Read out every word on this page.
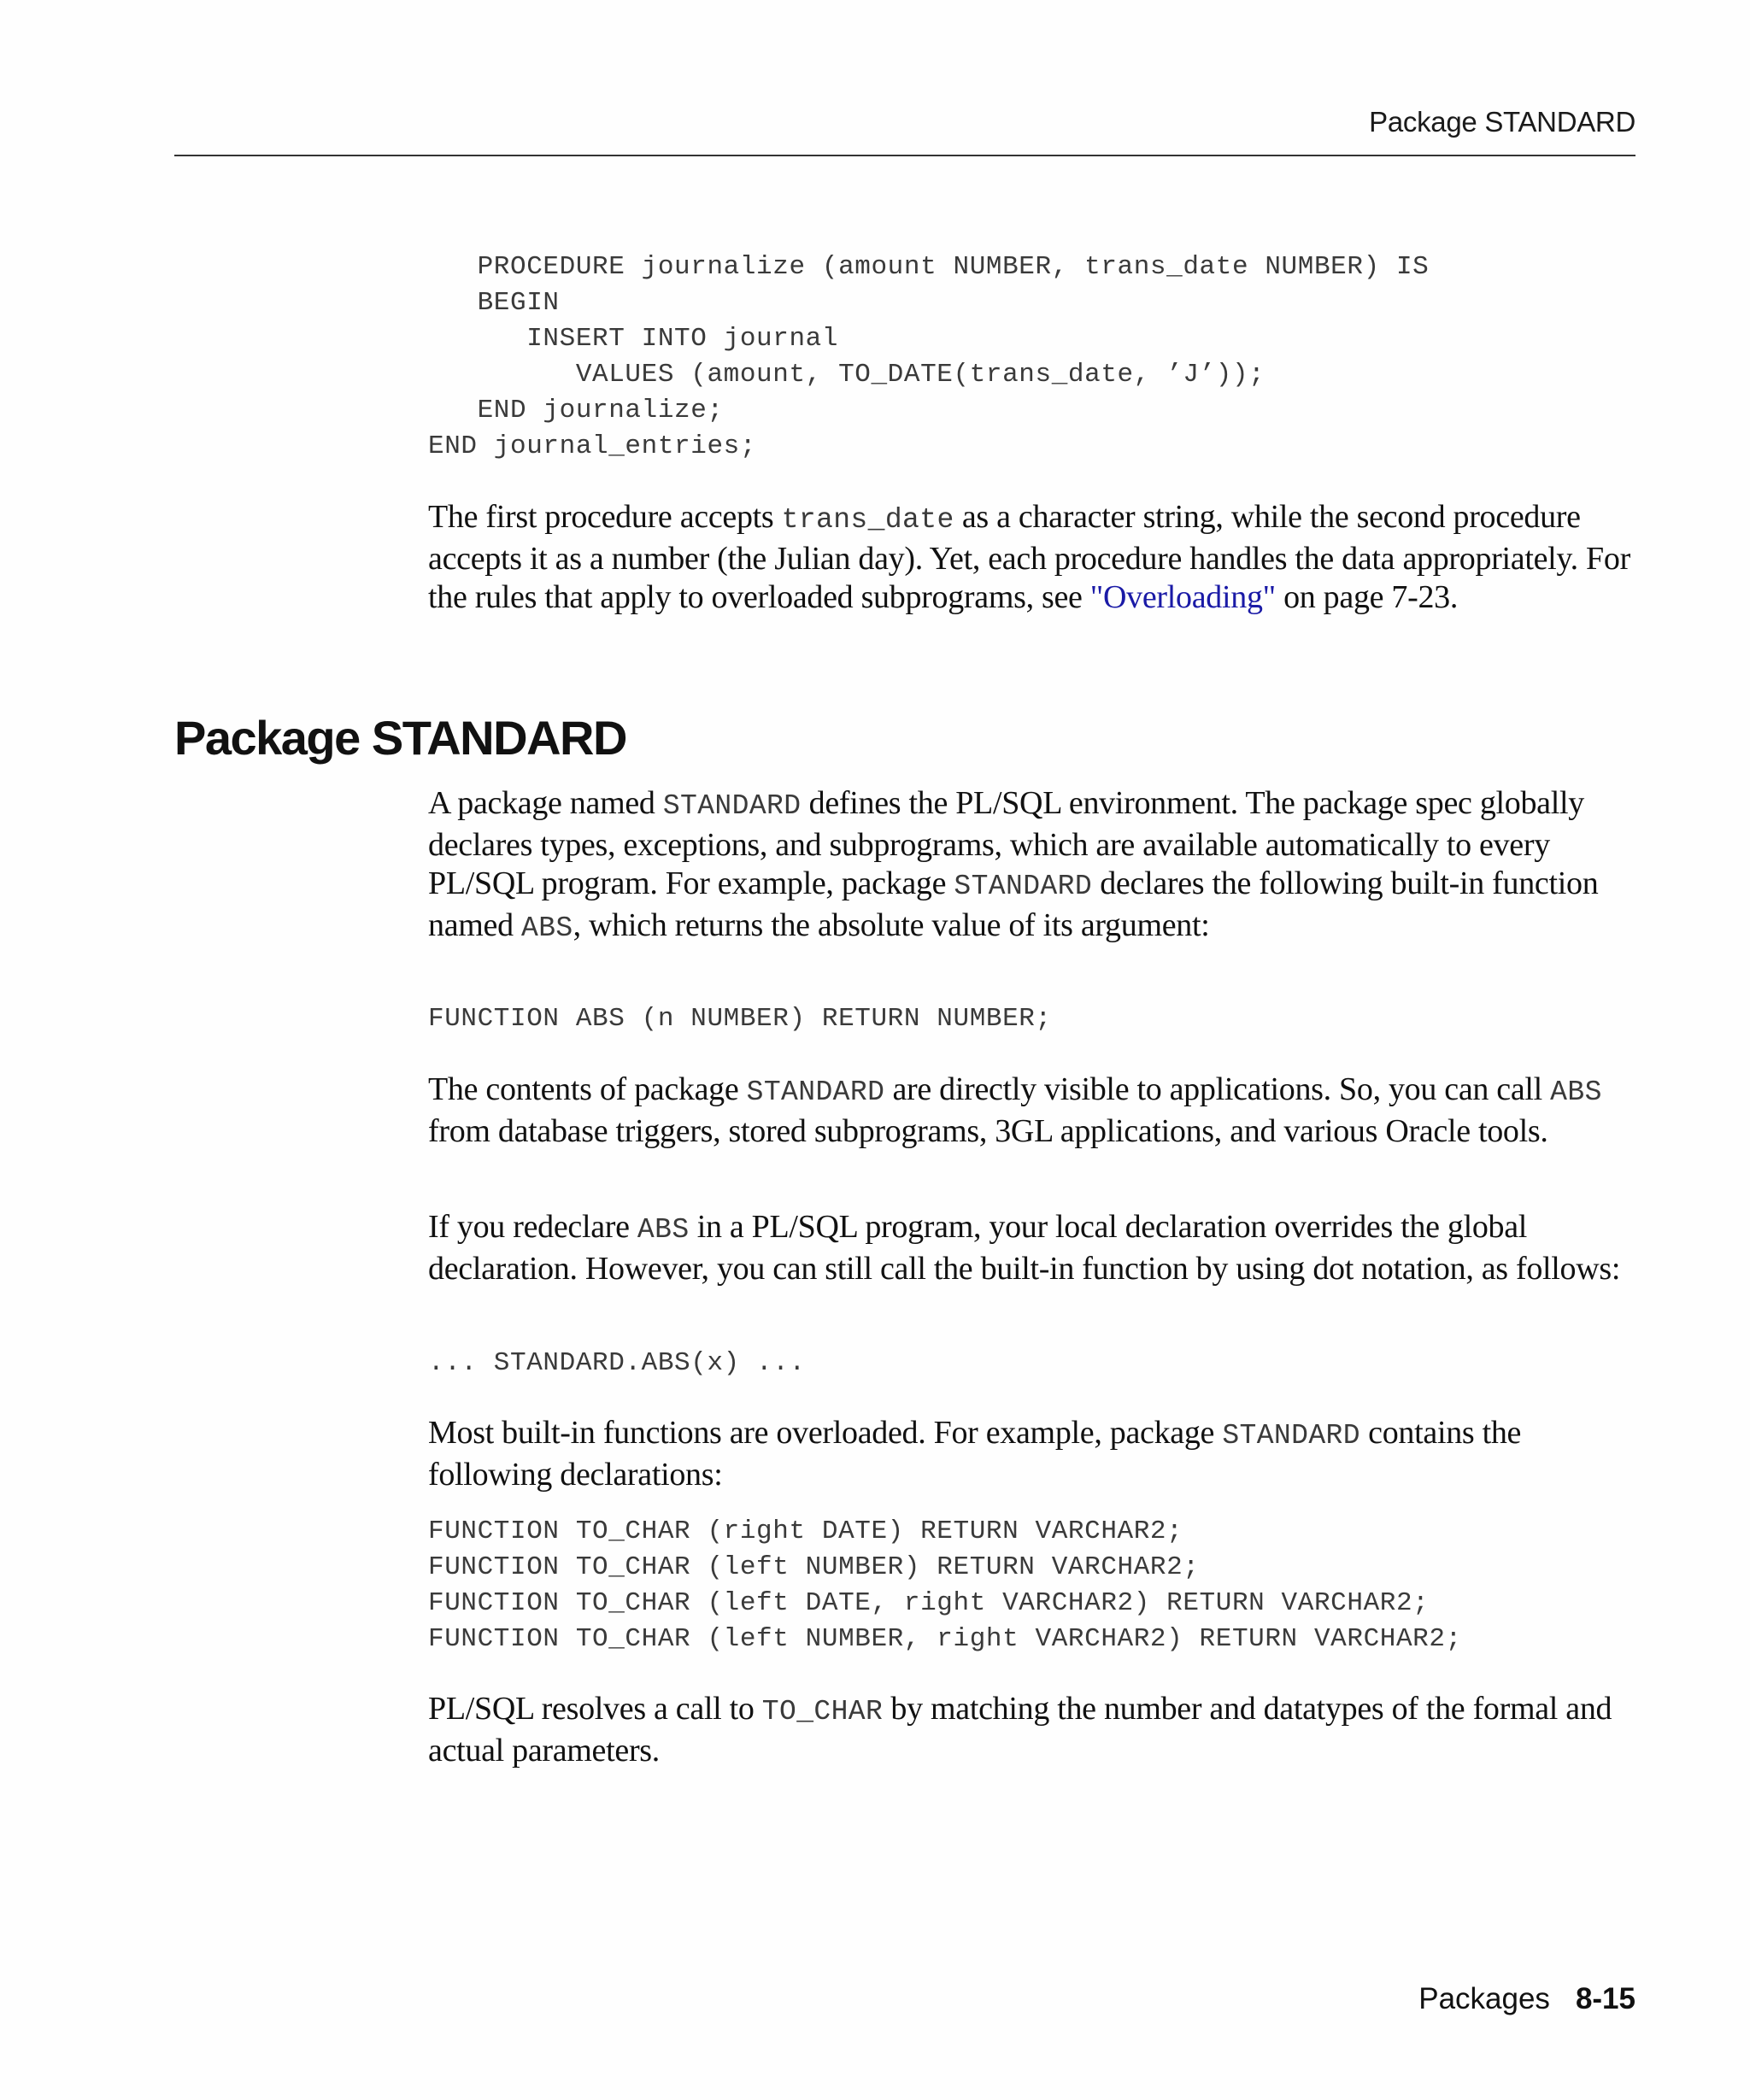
Package STANDARD
PROCEDURE journalize (amount NUMBER, trans_date NUMBER) IS
BEGIN
INSERT INTO journal
VALUES (amount, TO_DATE(trans_date, ’J’));
END journalize;
END journal_entries;

The first procedure accepts trans_date as a character string, while the second procedure accepts it as a number (the Julian day). Yet, each procedure handles the data appropriately. For the rules that apply to overloaded subprograms, see "Overloading" on page 7-23.

Package STANDARD

A package named STANDARD defines the PL/SQL environment. The package spec globally declares types, exceptions, and subprograms, which are available automatically to every PL/SQL program. For example, package STANDARD declares the following built-in function named ABS, which returns the absolute value of its argument:

FUNCTION ABS (n NUMBER) RETURN NUMBER;

The contents of package STANDARD are directly visible to applications. So, you can call ABS from database triggers, stored subprograms, 3GL applications, and various Oracle tools.

If you redeclare ABS in a PL/SQL program, your local declaration overrides the global declaration. However, you can still call the built-in function by using dot notation, as follows:

... STANDARD.ABS(x) ...

Most built-in functions are overloaded. For example, package STANDARD contains the following declarations:

FUNCTION TO_CHAR (right DATE) RETURN VARCHAR2;
FUNCTION TO_CHAR (left NUMBER) RETURN VARCHAR2;
FUNCTION TO_CHAR (left DATE, right VARCHAR2) RETURN VARCHAR2;
FUNCTION TO_CHAR (left NUMBER, right VARCHAR2) RETURN VARCHAR2;

PL/SQL resolves a call to TO_CHAR by matching the number and datatypes of the formal and actual parameters.

Packages 8-15
